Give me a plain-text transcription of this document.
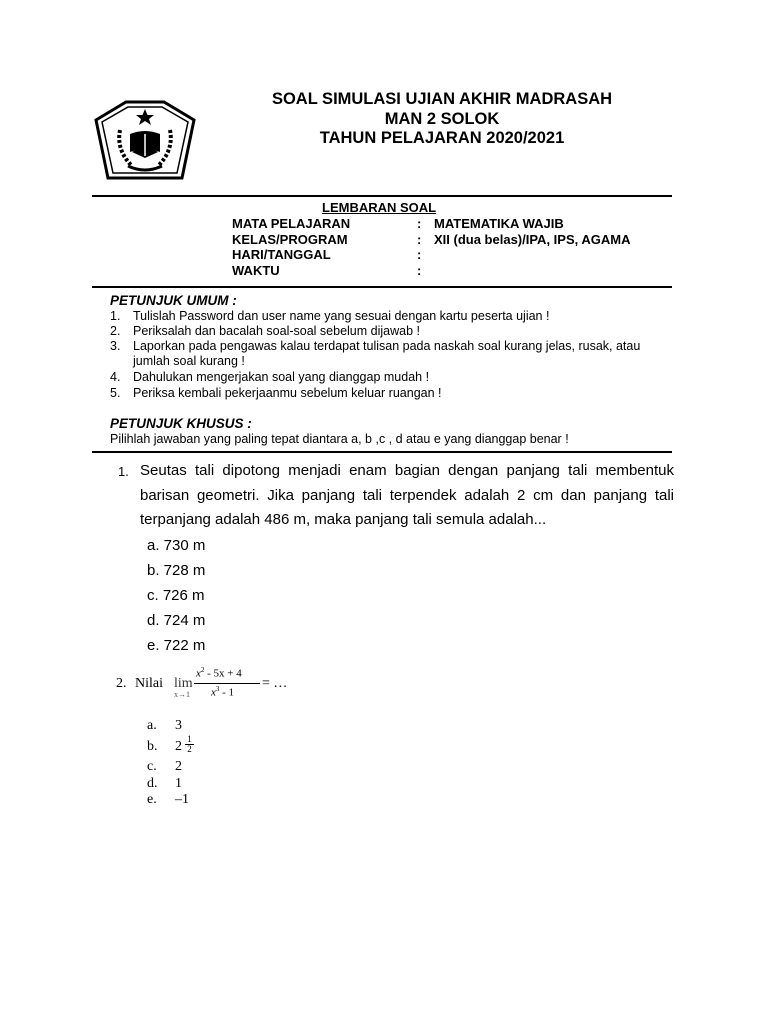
SOAL SIMULASI UJIAN AKHIR MADRASAH
MAN 2 SOLOK
TAHUN PELAJARAN 2020/2021
LEMBARAN SOAL
MATA PELAJARAN	: MATEMATIKA WAJIB
KELAS/PROGRAM	: XII (dua belas)/IPA, IPS, AGAMA
HARI/TANGGAL	:
WAKTU	:
PETUNJUK UMUM :
1. Tulislah Password dan user name yang sesuai dengan kartu peserta ujian !
2. Periksalah dan bacalah soal-soal sebelum dijawab !
3. Laporkan pada pengawas kalau terdapat tulisan pada naskah soal kurang jelas, rusak, atau jumlah soal kurang !
4. Dahulukan mengerjakan soal yang dianggap mudah !
5. Periksa kembali pekerjaanmu sebelum keluar ruangan !
PETUNJUK KHUSUS :
Pilihlah jawaban yang paling tepat diantara a, b ,c , d atau e yang dianggap benar !
1. Seutas tali dipotong menjadi enam bagian dengan panjang tali membentuk barisan geometri. Jika panjang tali terpendek adalah 2 cm dan panjang tali terpanjang adalah 486 m, maka panjang tali semula adalah...
a. 730 m
b. 728 m
c. 726 m
d. 724 m
e. 722 m
2. Nilai lim
x→1
$x^2 - 5x + 4$
$x^3 - 1$
= …
a. 3
b. $2 \frac{1}{2}$
c. 2
d. 1
e. –1
